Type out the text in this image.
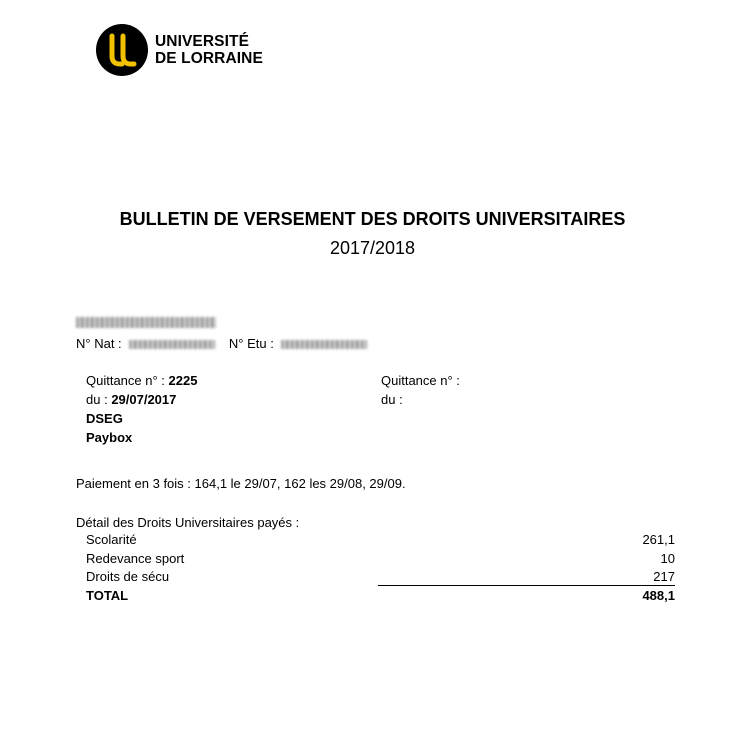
UNIVERSITÉ
DE LORRAINE
BULLETIN DE VERSEMENT DES DROITS UNIVERSITAIRES
2017/2018
N° Nat :	N° Etu :
Quittance n° : 2225
du : 29/07/2017
DSEG
Paybox
Quittance n° :
du :
Paiement en 3 fois : 164,1 le 29/07, 162 les 29/08, 29/09.
Détail des Droits Universitaires payés :
Scolarité	261,1
Redevance sport	10
Droits de sécu	217
TOTAL	488,1
